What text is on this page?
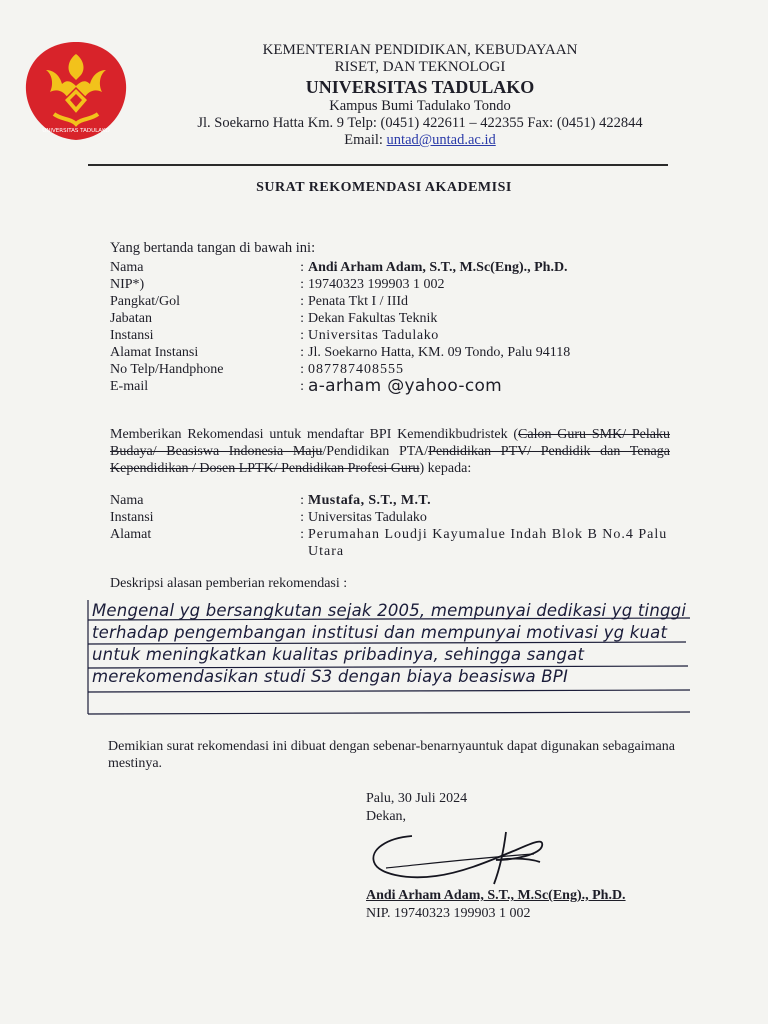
UNIVERSITAS TADULAKO
KEMENTERIAN PENDIDIKAN, KEBUDAYAAN
RISET, DAN TEKNOLOGI
UNIVERSITAS TADULAKO
Kampus Bumi Tadulako Tondo
Jl. Soekarno Hatta Km. 9 Telp: (0451) 422611 – 422355 Fax: (0451) 422844
Email: untad@untad.ac.id
SURAT REKOMENDASI AKADEMISI
Yang bertanda tangan di bawah ini:
Nama	: Andi Arham Adam, S.T., M.Sc(Eng)., Ph.D.
NIP*)	: 19740323 199903 1 002
Pangkat/Gol	: Penata Tkt I / IIId
Jabatan	: Dekan Fakultas Teknik
Instansi	: Universitas Tadulako
Alamat Instansi	: Jl. Soekarno Hatta, KM. 09 Tondo, Palu 94118
No Telp/Handphone	: 087787408555
E-mail	: a-arham @yahoo-com
Memberikan Rekomendasi untuk mendaftar BPI Kemendikbudristek (Calon Guru SMK/ Pelaku Budaya/ Beasiswa Indonesia Maju/Pendidikan PTA/Pendidikan PTV/ Pendidik dan Tenaga Kependidikan / Dosen LPTK/ Pendidikan Profesi Guru) kepada:
Nama	: Mustafa, S.T., M.T.
Instansi	: Universitas Tadulako
Alamat	: Perumahan Loudji Kayumalue Indah Blok B No.4 Palu Utara
Deskripsi alasan pemberian rekomendasi :
Mengenal yg bersangkutan sejak 2005, mempunyai dedikasi yg tinggi terhadap pengembangan institusi dan mempunyai motivasi yg kuat untuk meningkatkan kualitas pribadinya, sehingga sangat merekomendasikan studi S3 dengan biaya beasiswa BPI
Demikian surat rekomendasi ini dibuat dengan sebenar-benarnyauntuk dapat digunakan sebagaimana mestinya.
Palu, 30 Juli 2024
Dekan,
Andi Arham Adam, S.T., M.Sc(Eng)., Ph.D.
NIP. 19740323 199903 1 002
